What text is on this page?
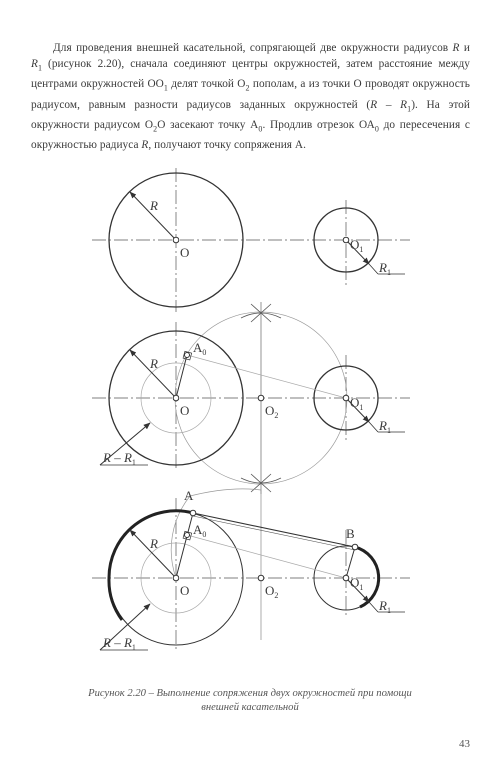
Для проведения внешней касательной, сопрягающей две окружности радиусов R и $R_1$ (рисунок 2.20), сначала соединяют центры окружностей, затем расстояние между центрами окружностей $ОО_1$ делят точкой $О_2$ пополам, а из точки О проводят окружность радиусом, равным разности радиусов заданных окружностей $(R - R_1)$. На этой окружности радиусом $О_2О$ засекают точку $А_0$. Продлив отрезок $ОА_0$ до пересечения с окружностью радиуса R, получают точку сопряжения А.

R
О
$О_1$
$R_1$
R
$А_0$
О	$О_2$
$О_1$
$R_1$
R – $R_1$
А
В
R
$А_0$
О	$О_2$
$О_1$
$R_1$
R – $R_1$
Рисунок 2.20 – Выполнение сопряжения двух окружностей при помощи
внешней касательной
43
